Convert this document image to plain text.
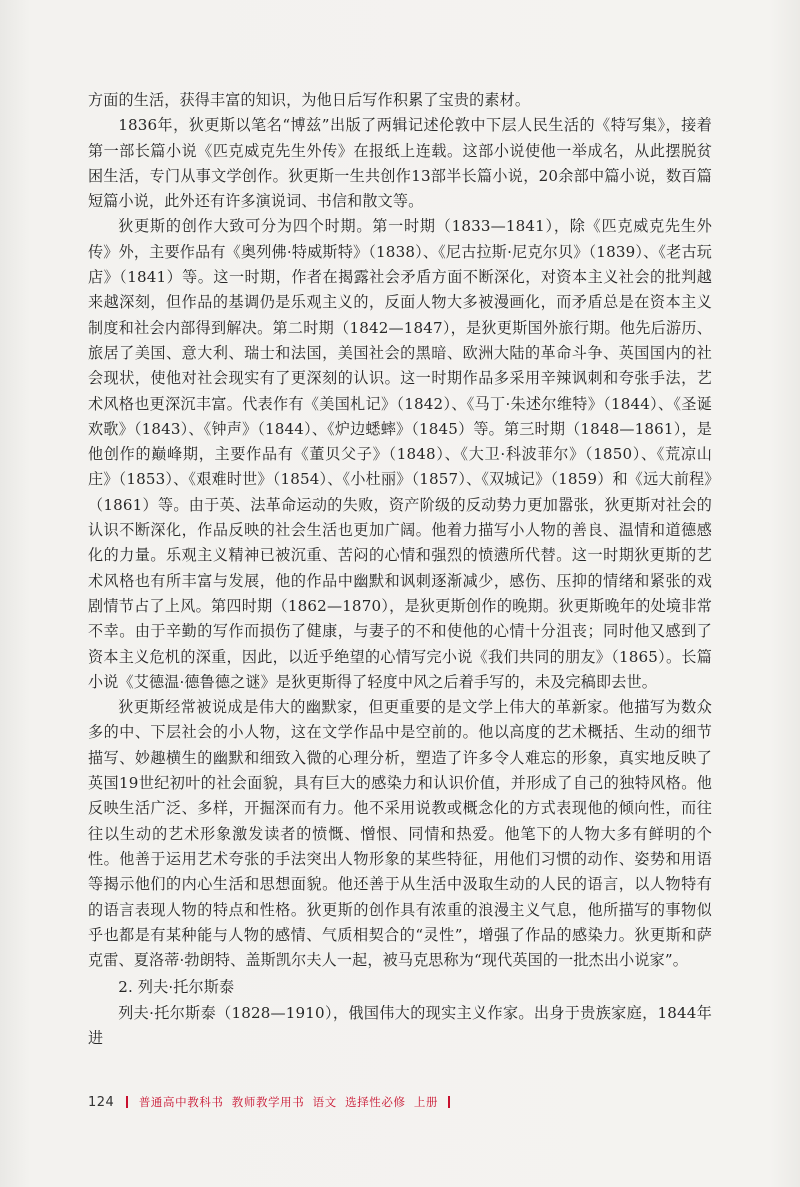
方面的生活，获得丰富的知识，为他日后写作积累了宝贵的素材。

1836年，狄更斯以笔名“博兹”出版了两辑记述伦敦中下层人民生活的《特写集》，接着第一部长篇小说《匹克威克先生外传》在报纸上连载。这部小说使他一举成名，从此摆脱贫困生活，专门从事文学创作。狄更斯一生共创作13部半长篇小说，20余部中篇小说，数百篇短篇小说，此外还有许多演说词、书信和散文等。

狄更斯的创作大致可分为四个时期。第一时期（1833—1841），除《匹克威克先生外传》外，主要作品有《奥列佛·特威斯特》（1838）、《尼古拉斯·尼克尔贝》（1839）、《老古玩店》（1841）等。这一时期，作者在揭露社会矛盾方面不断深化，对资本主义社会的批判越来越深刻，但作品的基调仍是乐观主义的，反面人物大多被漫画化，而矛盾总是在资本主义制度和社会内部得到解决。第二时期（1842—1847），是狄更斯国外旅行期。他先后游历、旅居了美国、意大利、瑞士和法国，美国社会的黑暗、欧洲大陆的革命斗争、英国国内的社会现状，使他对社会现实有了更深刻的认识。这一时期作品多采用辛辣讽刺和夸张手法，艺术风格也更深沉丰富。代表作有《美国札记》（1842）、《马丁·朱述尔维特》（1844）、《圣诞欢歌》（1843）、《钟声》（1844）、《炉边蟋蟀》（1845）等。第三时期（1848—1861），是他创作的巅峰期，主要作品有《董贝父子》（1848）、《大卫·科波菲尔》（1850）、《荒凉山庄》（1853）、《艰难时世》（1854）、《小杜丽》（1857）、《双城记》（1859）和《远大前程》（1861）等。由于英、法革命运动的失败，资产阶级的反动势力更加嚣张，狄更斯对社会的认识不断深化，作品反映的社会生活也更加广阔。他着力描写小人物的善良、温情和道德感化的力量。乐观主义精神已被沉重、苦闷的心情和强烈的愤懑所代替。这一时期狄更斯的艺术风格也有所丰富与发展，他的作品中幽默和讽刺逐渐减少，感伤、压抑的情绪和紧张的戏剧情节占了上风。第四时期（1862—1870），是狄更斯创作的晚期。狄更斯晚年的处境非常不幸。由于辛勤的写作而损伤了健康，与妻子的不和使他的心情十分沮丧；同时他又感到了资本主义危机的深重，因此，以近乎绝望的心情写完小说《我们共同的朋友》（1865）。长篇小说《艾德温·德鲁德之谜》是狄更斯得了轻度中风之后着手写的，未及完稿即去世。

狄更斯经常被说成是伟大的幽默家，但更重要的是文学上伟大的革新家。他描写为数众多的中、下层社会的小人物，这在文学作品中是空前的。他以高度的艺术概括、生动的细节描写、妙趣横生的幽默和细致入微的心理分析，塑造了许多令人难忘的形象，真实地反映了英国19世纪初叶的社会面貌，具有巨大的感染力和认识价值，并形成了自己的独特风格。他反映生活广泛、多样，开掘深而有力。他不采用说教或概念化的方式表现他的倾向性，而往往以生动的艺术形象激发读者的愤慨、憎恨、同情和热爱。他笔下的人物大多有鲜明的个性。他善于运用艺术夸张的手法突出人物形象的某些特征，用他们习惯的动作、姿势和用语等揭示他们的内心生活和思想面貌。他还善于从生活中汲取生动的人民的语言，以人物特有的语言表现人物的特点和性格。狄更斯的创作具有浓重的浪漫主义气息，他所描写的事物似乎也都是有某种能与人物的感情、气质相契合的“灵性”，增强了作品的感染力。狄更斯和萨克雷、夏洛蒂·勃朗特、盖斯凯尔夫人一起，被马克思称为“现代英国的一批杰出小说家”。

2. 列夫·托尔斯泰

列夫·托尔斯泰（1828—1910），俄国伟大的现实主义作家。出身于贵族家庭，1844年进

124 普通高中教科书 教师教学用书 语文 选择性必修 上册
